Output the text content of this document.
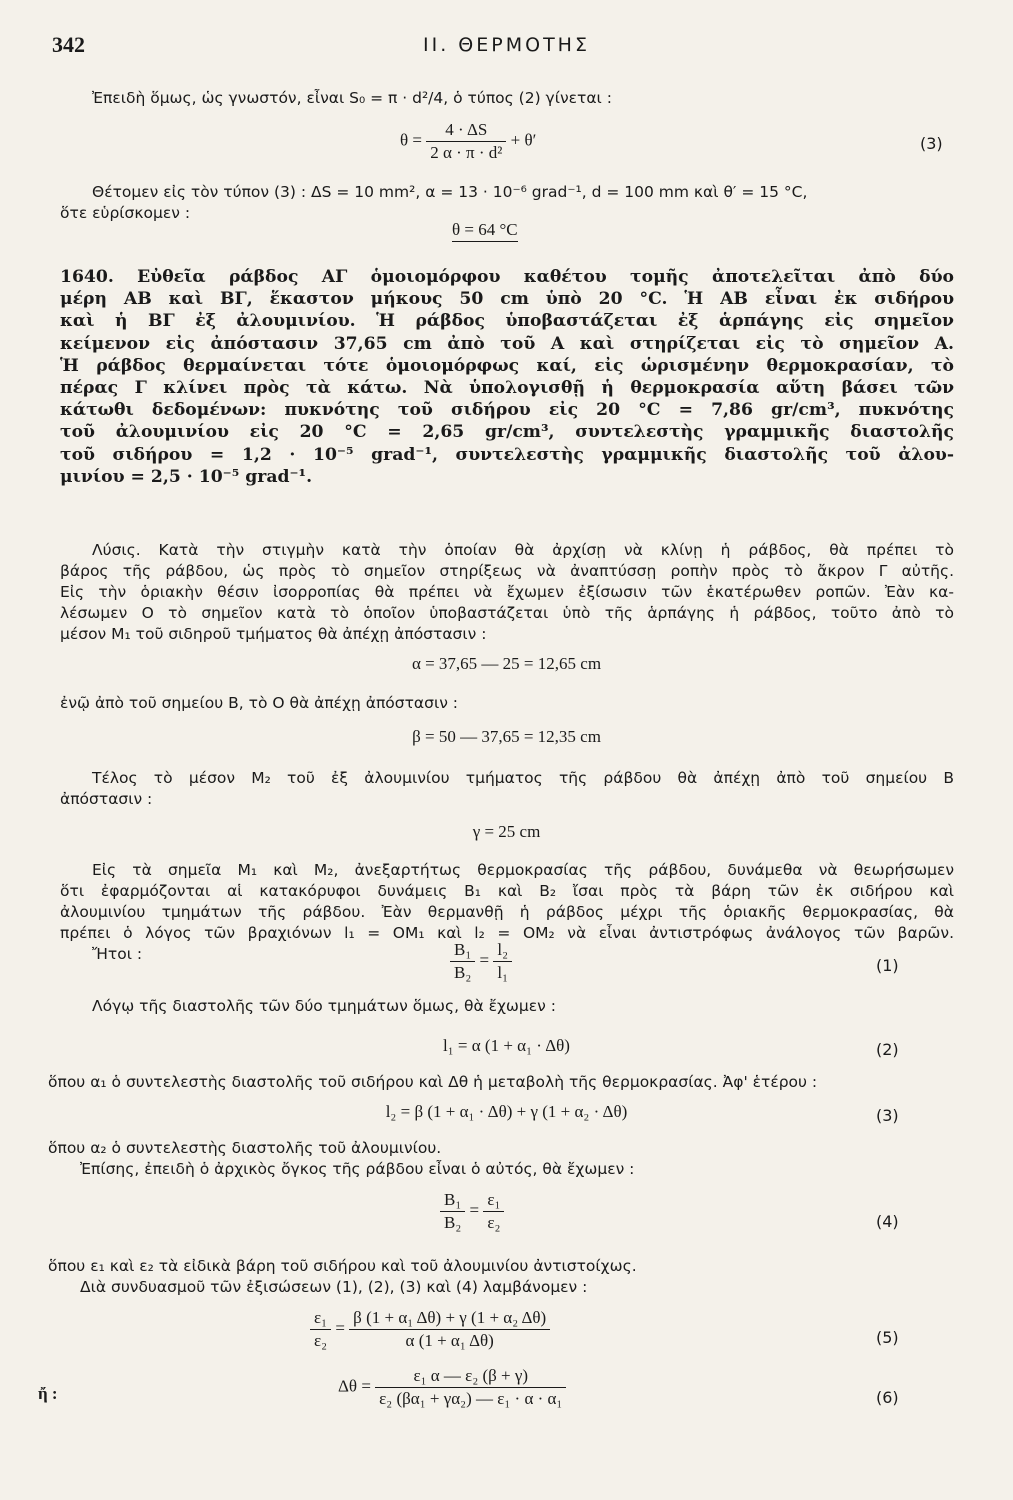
342	II. ΘΕΡΜΟΤΗΣ
Ἐπειδὴ ὅμως, ὡς γνωστόν, εἶναι S₀ = π · d²/4, ὁ τύπος (2) γίνεται :
$\theta = \frac{4 \cdot \Delta S}{\text{2 α · π · d²}} + \theta'$	(3)
Θέτομεν εἰς τὸν τύπον (3) : ΔS = 10 mm², α = 13 · 10⁻⁶ grad⁻¹, d = 100 mm καὶ θ′ = 15 °C,
ὅτε εὑρίσκομεν :
θ = 64 °C
1640. Εὐθεῖα ράβδος ΑΓ ὁμοιομόρφου καθέτου τομῆς ἀποτελεῖται ἀπὸ δύο
μέρη ΑΒ καὶ ΒΓ, ἕκαστον μήκους 50 cm ὑπὸ 20 °C. Ἡ ΑΒ εἶναι ἐκ σιδήρου
καὶ ἡ ΒΓ ἐξ ἀλουμινίου. Ἡ ράβδος ὑποβαστάζεται ἐξ ἁρπάγης εἰς σημεῖον
κείμενον εἰς ἀπόστασιν 37,65 cm ἀπὸ τοῦ Α καὶ στηρίζεται εἰς τὸ σημεῖον Α.
Ἡ ράβδος θερμαίνεται τότε ὁμοιομόρφως καί, εἰς ὡρισμένην θερμοκρασίαν, τὸ
πέρας Γ κλίνει πρὸς τὰ κάτω. Νὰ ὑπολογισθῇ ἡ θερμοκρασία αὕτη βάσει τῶν
κάτωθι δεδομένων: πυκνότης τοῦ σιδήρου εἰς 20 °C = 7,86 gr/cm³, πυκνότης
τοῦ ἀλουμινίου εἰς 20 °C = 2,65 gr/cm³, συντελεστὴς γραμμικῆς διαστολῆς
τοῦ σιδήρου = 1,2 · 10⁻⁵ grad⁻¹, συντελεστὴς γραμμικῆς διαστολῆς τοῦ ἀλου-
μινίου = 2,5 · 10⁻⁵ grad⁻¹.
Λύσις. Κατὰ τὴν στιγμὴν κατὰ τὴν ὁποίαν θὰ ἀρχίσῃ νὰ κλίνῃ ἡ ράβδος, θὰ πρέπει τὸ
βάρος τῆς ράβδου, ὡς πρὸς τὸ σημεῖον στηρίξεως νὰ ἀναπτύσσῃ ροπὴν πρὸς τὸ ἄκρον Γ αὐτῆς.
Εἰς τὴν ὁριακὴν θέσιν ἰσορροπίας θὰ πρέπει νὰ ἔχωμεν ἐξίσωσιν τῶν ἑκατέρωθεν ροπῶν. Ἐὰν κα-
λέσωμεν Ο τὸ σημεῖον κατὰ τὸ ὁποῖον ὑποβαστάζεται ὑπὸ τῆς ἁρπάγης ἡ ράβδος, τοῦτο ἀπὸ τὸ
μέσον Μ₁ τοῦ σιδηροῦ τμήματος θὰ ἀπέχῃ ἀπόστασιν :
α = 37,65 — 25 = 12,65 cm
ἐνῷ ἀπὸ τοῦ σημείου Β, τὸ Ο θὰ ἀπέχῃ ἀπόστασιν :
β = 50 — 37,65 = 12,35 cm
Τέλος τὸ μέσον Μ₂ τοῦ ἐξ ἀλουμινίου τμήματος τῆς ράβδου θὰ ἀπέχῃ ἀπὸ τοῦ σημείου Β
ἀπόστασιν :
γ = 25 cm
Εἰς τὰ σημεῖα Μ₁ καὶ Μ₂, ἀνεξαρτήτως θερμοκρασίας τῆς ράβδου, δυνάμεθα νὰ θεωρήσωμεν
ὅτι ἐφαρμόζονται αἱ κατακόρυφοι δυνάμεις Β₁ καὶ Β₂ ἴσαι πρὸς τὰ βάρη τῶν ἐκ σιδήρου καὶ
ἀλουμινίου τμημάτων τῆς ράβδου. Ἐὰν θερμανθῇ ἡ ράβδος μέχρι τῆς ὁριακῆς θερμοκρασίας, θὰ
πρέπει ὁ λόγος τῶν βραχιόνων l₁ = ΟΜ₁ καὶ l₂ = ΟΜ₂ νὰ εἶναι ἀντιστρόφως ἀνάλογος τῶν βαρῶν.
Ἤτοι :	$\frac{\text{B₁}}{\text{B₂}} = \frac{\text{l₂}}{\text{l₁}}$	(1)
Λόγῳ τῆς διαστολῆς τῶν δύο τμημάτων ὅμως, θὰ ἔχωμεν :
l₁ = α (1 + α₁ · Δθ)	(2)
ὅπου α₁ ὁ συντελεστὴς διαστολῆς τοῦ σιδήρου καὶ Δθ ἡ μεταβολὴ τῆς θερμοκρασίας. Ἀφ' ἑτέρου :
l₂ = β (1 + α₁ · Δθ) + γ (1 + α₂ · Δθ)	(3)
ὅπου α₂ ὁ συντελεστὴς διαστολῆς τοῦ ἀλουμινίου.
Ἐπίσης, ἐπειδὴ ὁ ἀρχικὸς ὄγκος τῆς ράβδου εἶναι ὁ αὐτός, θὰ ἔχωμεν :
$\frac{\text{B₁}}{\text{B₂}} = \frac{\text{ε₁}}{\text{ε₂}}$	(4)
ὅπου ε₁ καὶ ε₂ τὰ εἰδικὰ βάρη τοῦ σιδήρου καὶ τοῦ ἀλουμινίου ἀντιστοίχως.
Διὰ συνδυασμοῦ τῶν ἐξισώσεων (1), (2), (3) καὶ (4) λαμβάνομεν :
$\frac{\text{ε₁}}{\text{ε₂}} = \frac{\text{β (1 + α₁ Δθ) + γ (1 + α₂ Δθ)}}{\text{α (1 + α₁ Δθ)}}$	(5)
ἤ :	$\Delta\theta = \frac{\text{ε₁ α — ε₂ (β + γ)}}{\text{ε₂ (βα₁ + γα₂) — ε₁ · α · α₁}}$	(6)
